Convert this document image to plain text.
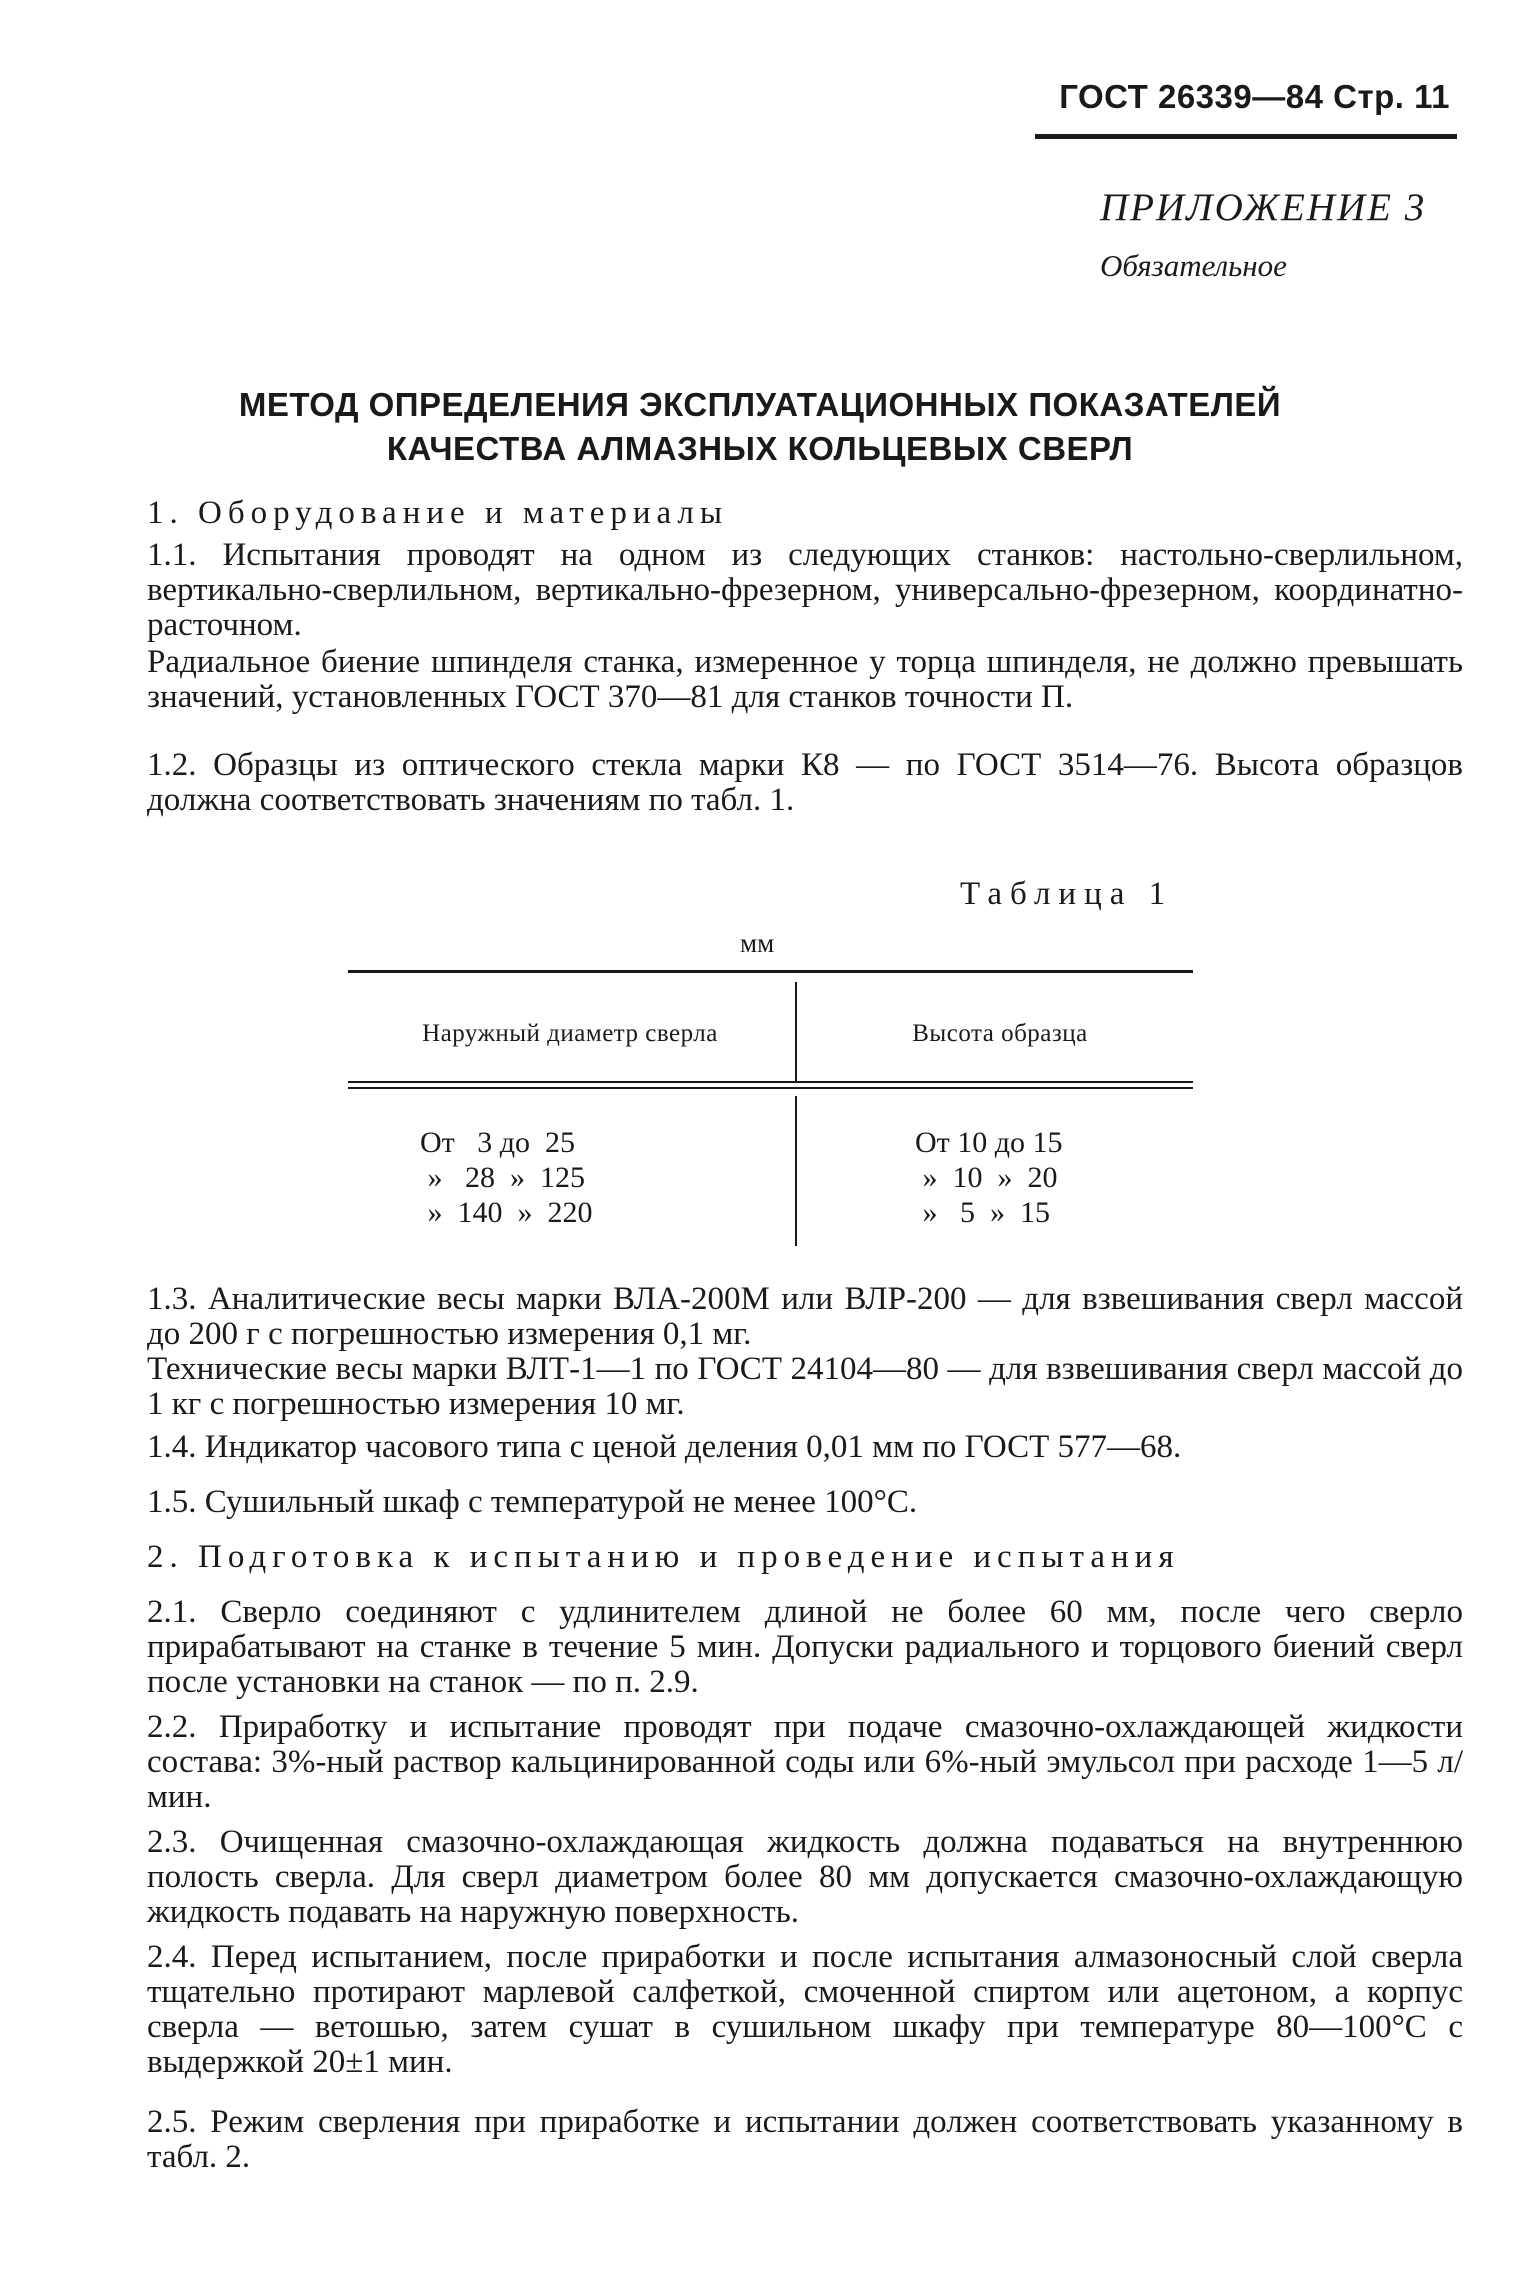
ГОСТ 26339—84 Стр. 11
ПРИЛОЖЕНИЕ 3
Обязательное
МЕТОД ОПРЕДЕЛЕНИЯ ЭКСПЛУАТАЦИОННЫХ ПОКАЗАТЕЛЕЙ
КАЧЕСТВА АЛМАЗНЫХ КОЛЬЦЕВЫХ СВЕРЛ
1. Оборудование и материалы
1.1. Испытания проводят на одном из следующих станков: настольно-сверлильном, вертикально-сверлильном, вертикально-фрезерном, универсально-фрезерном, координатно-расточном.
Радиальное биение шпинделя станка, измеренное у торца шпинделя, не должно превышать значений, установленных ГОСТ 370—81 для станков точности П.
1.2. Образцы из оптического стекла марки К8 — по ГОСТ 3514—76. Высота образцов должна соответствовать значениям по табл. 1.
Таблица 1
мм
Наружный диаметр сверла	Высота образца
От   3 до  25	От 10 до 15
»   28  »  125	»  10  »  20
»  140  »  220	»   5  »  15
1.3. Аналитические весы марки ВЛА-200М или ВЛР-200 — для взвешивания сверл массой до 200 г с погрешностью измерения 0,1 мг.
Технические весы марки ВЛТ-1—1 по ГОСТ 24104—80 — для взвешивания сверл массой до 1 кг с погрешностью измерения 10 мг.
1.4. Индикатор часового типа с ценой деления 0,01 мм по ГОСТ 577—68.
1.5. Сушильный шкаф с температурой не менее 100°С.
2. Подготовка к испытанию и проведение испытания
2.1. Сверло соединяют с удлинителем длиной не более 60 мм, после чего сверло прирабатывают на станке в течение 5 мин. Допуски радиального и торцового биений сверл после установки на станок — по п. 2.9.
2.2. Приработку и испытание проводят при подаче смазочно-охлаждающей жидкости состава: 3%-ный раствор кальцинированной соды или 6%-ный эмульсол при расходе 1—5 л/мин.
2.3. Очищенная смазочно-охлаждающая жидкость должна подаваться на внутреннюю полость сверла. Для сверл диаметром более 80 мм допускается смазочно-охлаждающую жидкость подавать на наружную поверхность.
2.4. Перед испытанием, после приработки и после испытания алмазоносный слой сверла тщательно протирают марлевой салфеткой, смоченной спиртом или ацетоном, а корпус сверла — ветошью, затем сушат в сушильном шкафу при температуре 80—100°С с выдержкой 20±1 мин.
2.5. Режим сверления при приработке и испытании должен соответствовать указанному в табл. 2.
